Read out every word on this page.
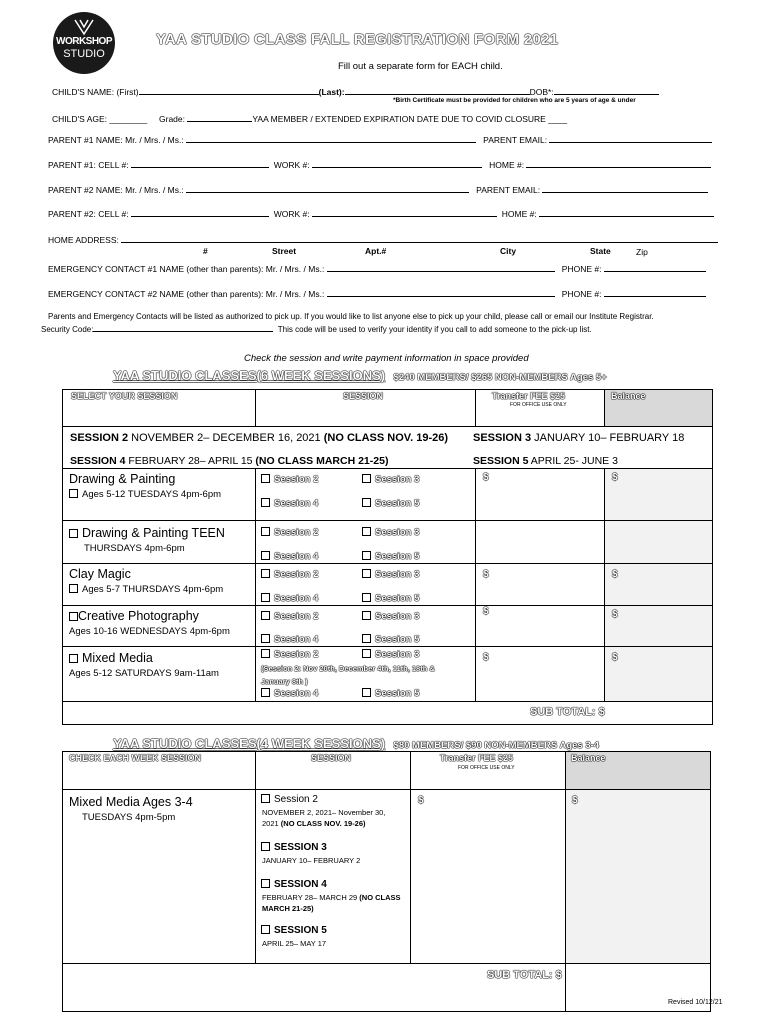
WORKSHOP
STUDIO
YAA STUDIO CLASS FALL REGISTRATION FORM 2021
Fill out a separate form for EACH child.
CHILD'S NAME: (First)	(Last):	DOB*:
*Birth Certificate must be provided for children who are 5 years of age & under
CHILD'S AGE: ________ Grade:	YAA MEMBER / EXTENDED EXPIRATION DATE DUE TO COVID CLOSURE ____
PARENT #1 NAME: Mr. / Mrs. / Ms.:	PARENT EMAIL:
PARENT #1: CELL #:	WORK #:	HOME #:
PARENT #2 NAME: Mr. / Mrs. / Ms.:	PARENT EMAIL:
PARENT #2: CELL #:	WORK #:	HOME #:
HOME ADDRESS:
#	Street	Apt.#	City	State	Zip
EMERGENCY CONTACT #1 NAME (other than parents): Mr. / Mrs. / Ms.:	PHONE #:
EMERGENCY CONTACT #2 NAME (other than parents): Mr. / Mrs. / Ms.:	PHONE #:
Parents and Emergency Contacts will be listed as authorized to pick up. If you would like to list anyone else to pick up your child, please call or email our Institute Registrar.
Security Code:	This code will be used to verify your identity if you call to add someone to the pick-up list.
Check the session and write payment information in space provided
YAA STUDIO CLASSES(6 WEEK SESSIONS) $240 MEMBERS/ $265 NON-MEMBERS Ages 5+
SELECT YOUR SESSION	SESSION	Transfer FEE $25
FOR OFFICE USE ONLY
Balance
SESSION 2 NOVEMBER 2– DECEMBER 16, 2021 (NO CLASS NOV. 19-26) SESSION 3 JANUARY 10– FEBRUARY 18
SESSION 4 FEBRUARY 28– APRIL 15 (NO CLASS MARCH 21-25)	SESSION 5 APRIL 25- JUNE 3
Drawing & Painting
Ages 5-12 TUESDAYS 4pm-6pm
Session 2	Session 3
Session 4	Session 5
$	$
Drawing & Painting TEEN
THURSDAYS 4pm-6pm
Session 2	Session 3
Session 4	Session 5
Clay Magic
Ages 5-7 THURSDAYS 4pm-6pm
Session 2	Session 3
Session 4	Session 5
$	$
Creative Photography
Ages 10-16 WEDNESDAYS 4pm-6pm
Session 2	Session 3
Session 4	Session 5
$	$
Mixed Media
Ages 5-12 SATURDAYS 9am-11am
Session 2	Session 3
(Session 2: Nov 20th, December 4th, 11th, 18th &
January 8th )
Session 4	Session 5
$	$
SUB TOTAL: $
YAA STUDIO CLASSES(4 WEEK SESSIONS) $80 MEMBERS/ $90 NON-MEMBERS Ages 3-4
CHECK EACH WEEK SESSION	SESSION	Transfer FEE $25
FOR OFFICE USE ONLY
Balance
Mixed Media Ages 3-4
TUESDAYS 4pm-5pm
Session 2
NOVEMBER 2, 2021– November 30,
2021 (NO CLASS NOV. 19-26)
SESSION 3
JANUARY 10– FEBRUARY 2
SESSION 4
FEBRUARY 28– MARCH 29 (NO CLASS
MARCH 21-25)
SESSION 5
APRIL 25– MAY 17
$	$
SUB TOTAL: $
Revised 10/12/21
